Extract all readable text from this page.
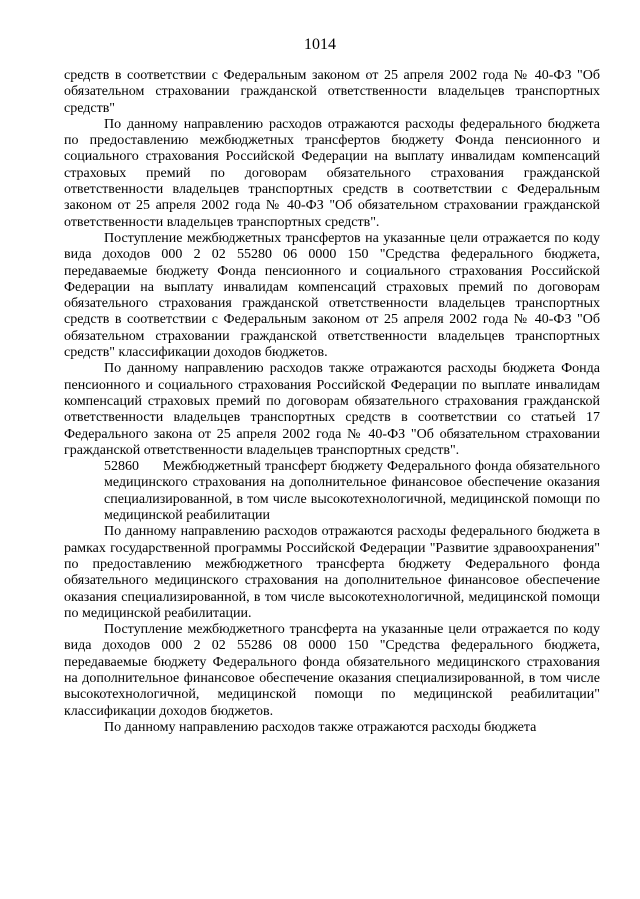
1014

средств в соответствии с Федеральным законом от 25 апреля 2002 года № 40-ФЗ "Об обязательном страховании гражданской ответственности владельцев транспортных средств"

По данному направлению расходов отражаются расходы федерального бюджета по предоставлению межбюджетных трансфертов бюджету Фонда пенсионного и социального страхования Российской Федерации на выплату инвалидам компенсаций страховых премий по договорам обязательного страхования гражданской ответственности владельцев транспортных средств в соответствии с Федеральным законом от 25 апреля 2002 года № 40-ФЗ "Об обязательном страховании гражданской ответственности владельцев транспортных средств".

Поступление межбюджетных трансфертов на указанные цели отражается по коду вида доходов 000 2 02 55280 06 0000 150 "Средства федерального бюджета, передаваемые бюджету Фонда пенсионного и социального страхования Российской Федерации на выплату инвалидам компенсаций страховых премий по договорам обязательного страхования гражданской ответственности владельцев транспортных средств в соответствии с Федеральным законом от 25 апреля 2002 года № 40-ФЗ "Об обязательном страховании гражданской ответственности владельцев транспортных средств" классификации доходов бюджетов.

По данному направлению расходов также отражаются расходы бюджета Фонда пенсионного и социального страхования Российской Федерации по выплате инвалидам компенсаций страховых премий по договорам обязательного страхования гражданской ответственности владельцев транспортных средств в соответствии со статьей 17 Федерального закона от 25 апреля 2002 года № 40-ФЗ "Об обязательном страховании гражданской ответственности владельцев транспортных средств".

52860 Межбюджетный трансферт бюджету Федерального фонда обязательного медицинского страхования на дополнительное финансовое обеспечение оказания специализированной, в том числе высокотехнологичной, медицинской помощи по медицинской реабилитации

По данному направлению расходов отражаются расходы федерального бюджета в рамках государственной программы Российской Федерации "Развитие здравоохранения" по предоставлению межбюджетного трансферта бюджету Федерального фонда обязательного медицинского страхования на дополнительное финансовое обеспечение оказания специализированной, в том числе высокотехнологичной, медицинской помощи по медицинской реабилитации.

Поступление межбюджетного трансферта на указанные цели отражается по коду вида доходов 000 2 02 55286 08 0000 150 "Средства федерального бюджета, передаваемые бюджету Федерального фонда обязательного медицинского страхования на дополнительное финансовое обеспечение оказания специализированной, в том числе высокотехнологичной, медицинской помощи по медицинской реабилитации" классификации доходов бюджетов.

По данному направлению расходов также отражаются расходы бюджета
